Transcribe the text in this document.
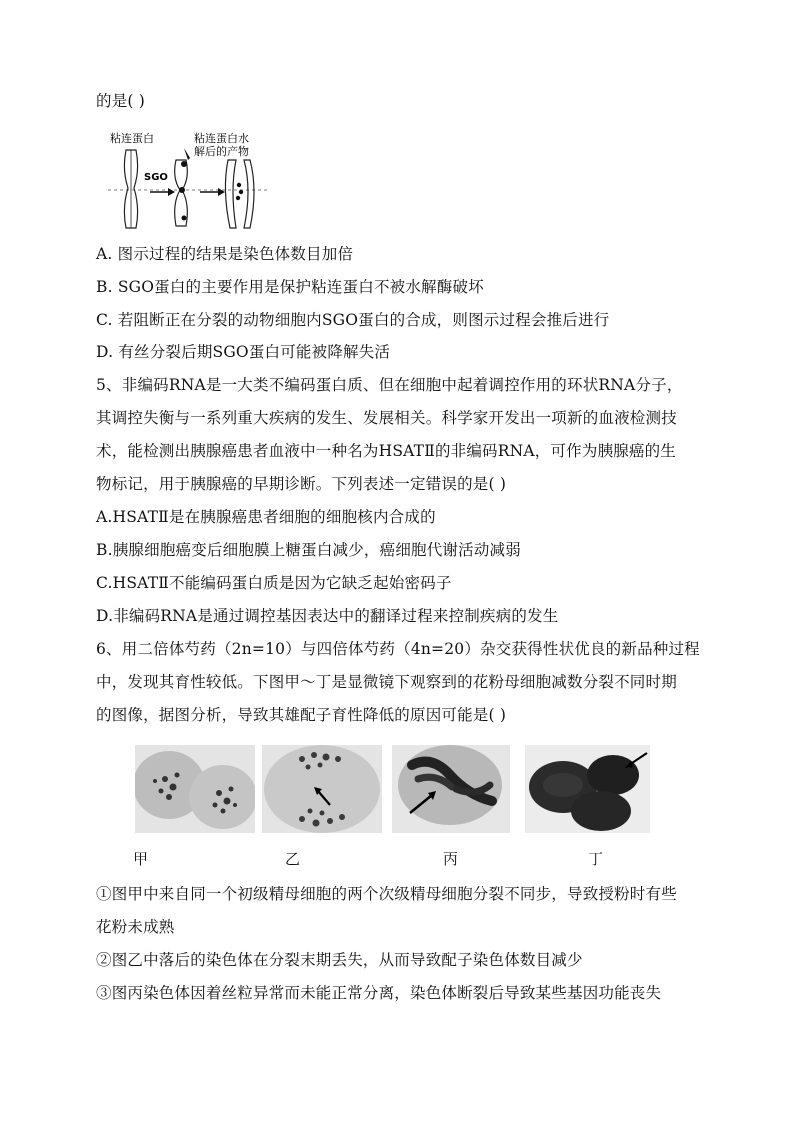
的是( )
粘连蛋白	粘连蛋白水
解后的产物
SGO
A. 图示过程的结果是染色体数目加倍
B. SGO蛋白的主要作用是保护粘连蛋白不被水解酶破坏
C. 若阻断正在分裂的动物细胞内SGO蛋白的合成，则图示过程会推后进行
D. 有丝分裂后期SGO蛋白可能被降解失活
5、非编码RNA是一大类不编码蛋白质、但在细胞中起着调控作用的环状RNA分子，
其调控失衡与一系列重大疾病的发生、发展相关。科学家开发出一项新的血液检测技
术，能检测出胰腺癌患者血液中一种名为HSATⅡ的非编码RNA，可作为胰腺癌的生
物标记，用于胰腺癌的早期诊断。下列表述一定错误的是( )
A.HSATⅡ是在胰腺癌患者细胞的细胞核内合成的
B.胰腺细胞癌变后细胞膜上糖蛋白减少，癌细胞代谢活动减弱
C.HSATⅡ不能编码蛋白质是因为它缺乏起始密码子
D.非编码RNA是通过调控基因表达中的翻译过程来控制疾病的发生
6、用二倍体芍药（2n=10）与四倍体芍药（4n=20）杂交获得性状优良的新品种过程
中，发现其育性较低。下图甲～丁是显微镜下观察到的花粉母细胞减数分裂不同时期
的图像，据图分析，导致其雄配子育性降低的原因可能是( )
甲	乙	丙	丁
①图甲中来自同一个初级精母细胞的两个次级精母细胞分裂不同步，导致授粉时有些
花粉未成熟
②图乙中落后的染色体在分裂末期丢失，从而导致配子染色体数目减少
③图丙染色体因着丝粒异常而未能正常分离，染色体断裂后导致某些基因功能丧失
